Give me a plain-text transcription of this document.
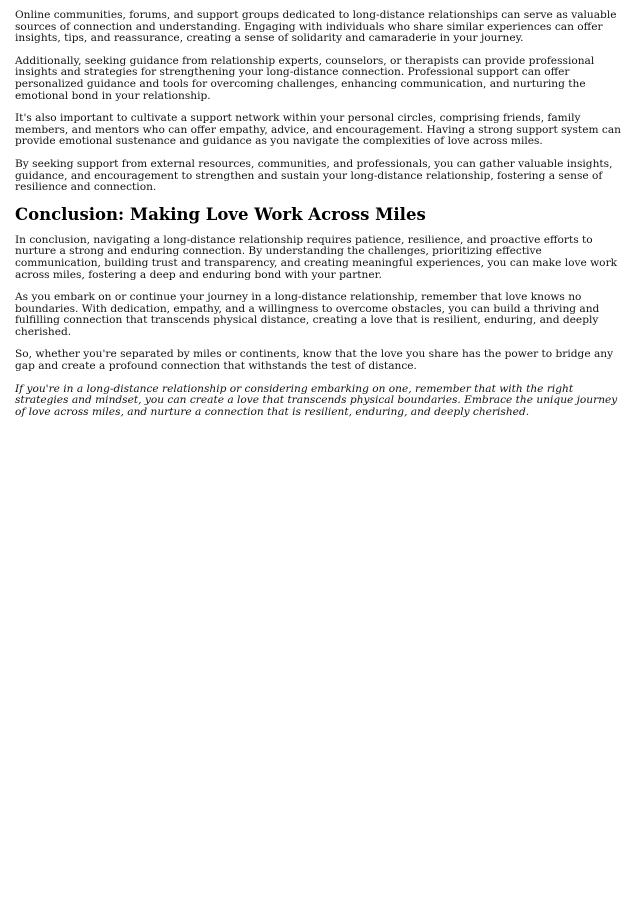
Online communities, forums, and support groups dedicated to long-distance relationships can serve as valuable sources of connection and understanding. Engaging with individuals who share similar experiences can offer insights, tips, and reassurance, creating a sense of solidarity and camaraderie in your journey.

Additionally, seeking guidance from relationship experts, counselors, or therapists can provide professional insights and strategies for strengthening your long-distance connection. Professional support can offer personalized guidance and tools for overcoming challenges, enhancing communication, and nurturing the emotional bond in your relationship.

It's also important to cultivate a support network within your personal circles, comprising friends, family members, and mentors who can offer empathy, advice, and encouragement. Having a strong support system can provide emotional sustenance and guidance as you navigate the complexities of love across miles.

By seeking support from external resources, communities, and professionals, you can gather valuable insights, guidance, and encouragement to strengthen and sustain your long-distance relationship, fostering a sense of resilience and connection.

Conclusion: Making Love Work Across Miles

In conclusion, navigating a long-distance relationship requires patience, resilience, and proactive efforts to nurture a strong and enduring connection. By understanding the challenges, prioritizing effective communication, building trust and transparency, and creating meaningful experiences, you can make love work across miles, fostering a deep and enduring bond with your partner.

As you embark on or continue your journey in a long-distance relationship, remember that love knows no boundaries. With dedication, empathy, and a willingness to overcome obstacles, you can build a thriving and fulfilling connection that transcends physical distance, creating a love that is resilient, enduring, and deeply cherished.

So, whether you're separated by miles or continents, know that the love you share has the power to bridge any gap and create a profound connection that withstands the test of distance.

If you're in a long-distance relationship or considering embarking on one, remember that with the right strategies and mindset, you can create a love that transcends physical boundaries. Embrace the unique journey of love across miles, and nurture a connection that is resilient, enduring, and deeply cherished.
